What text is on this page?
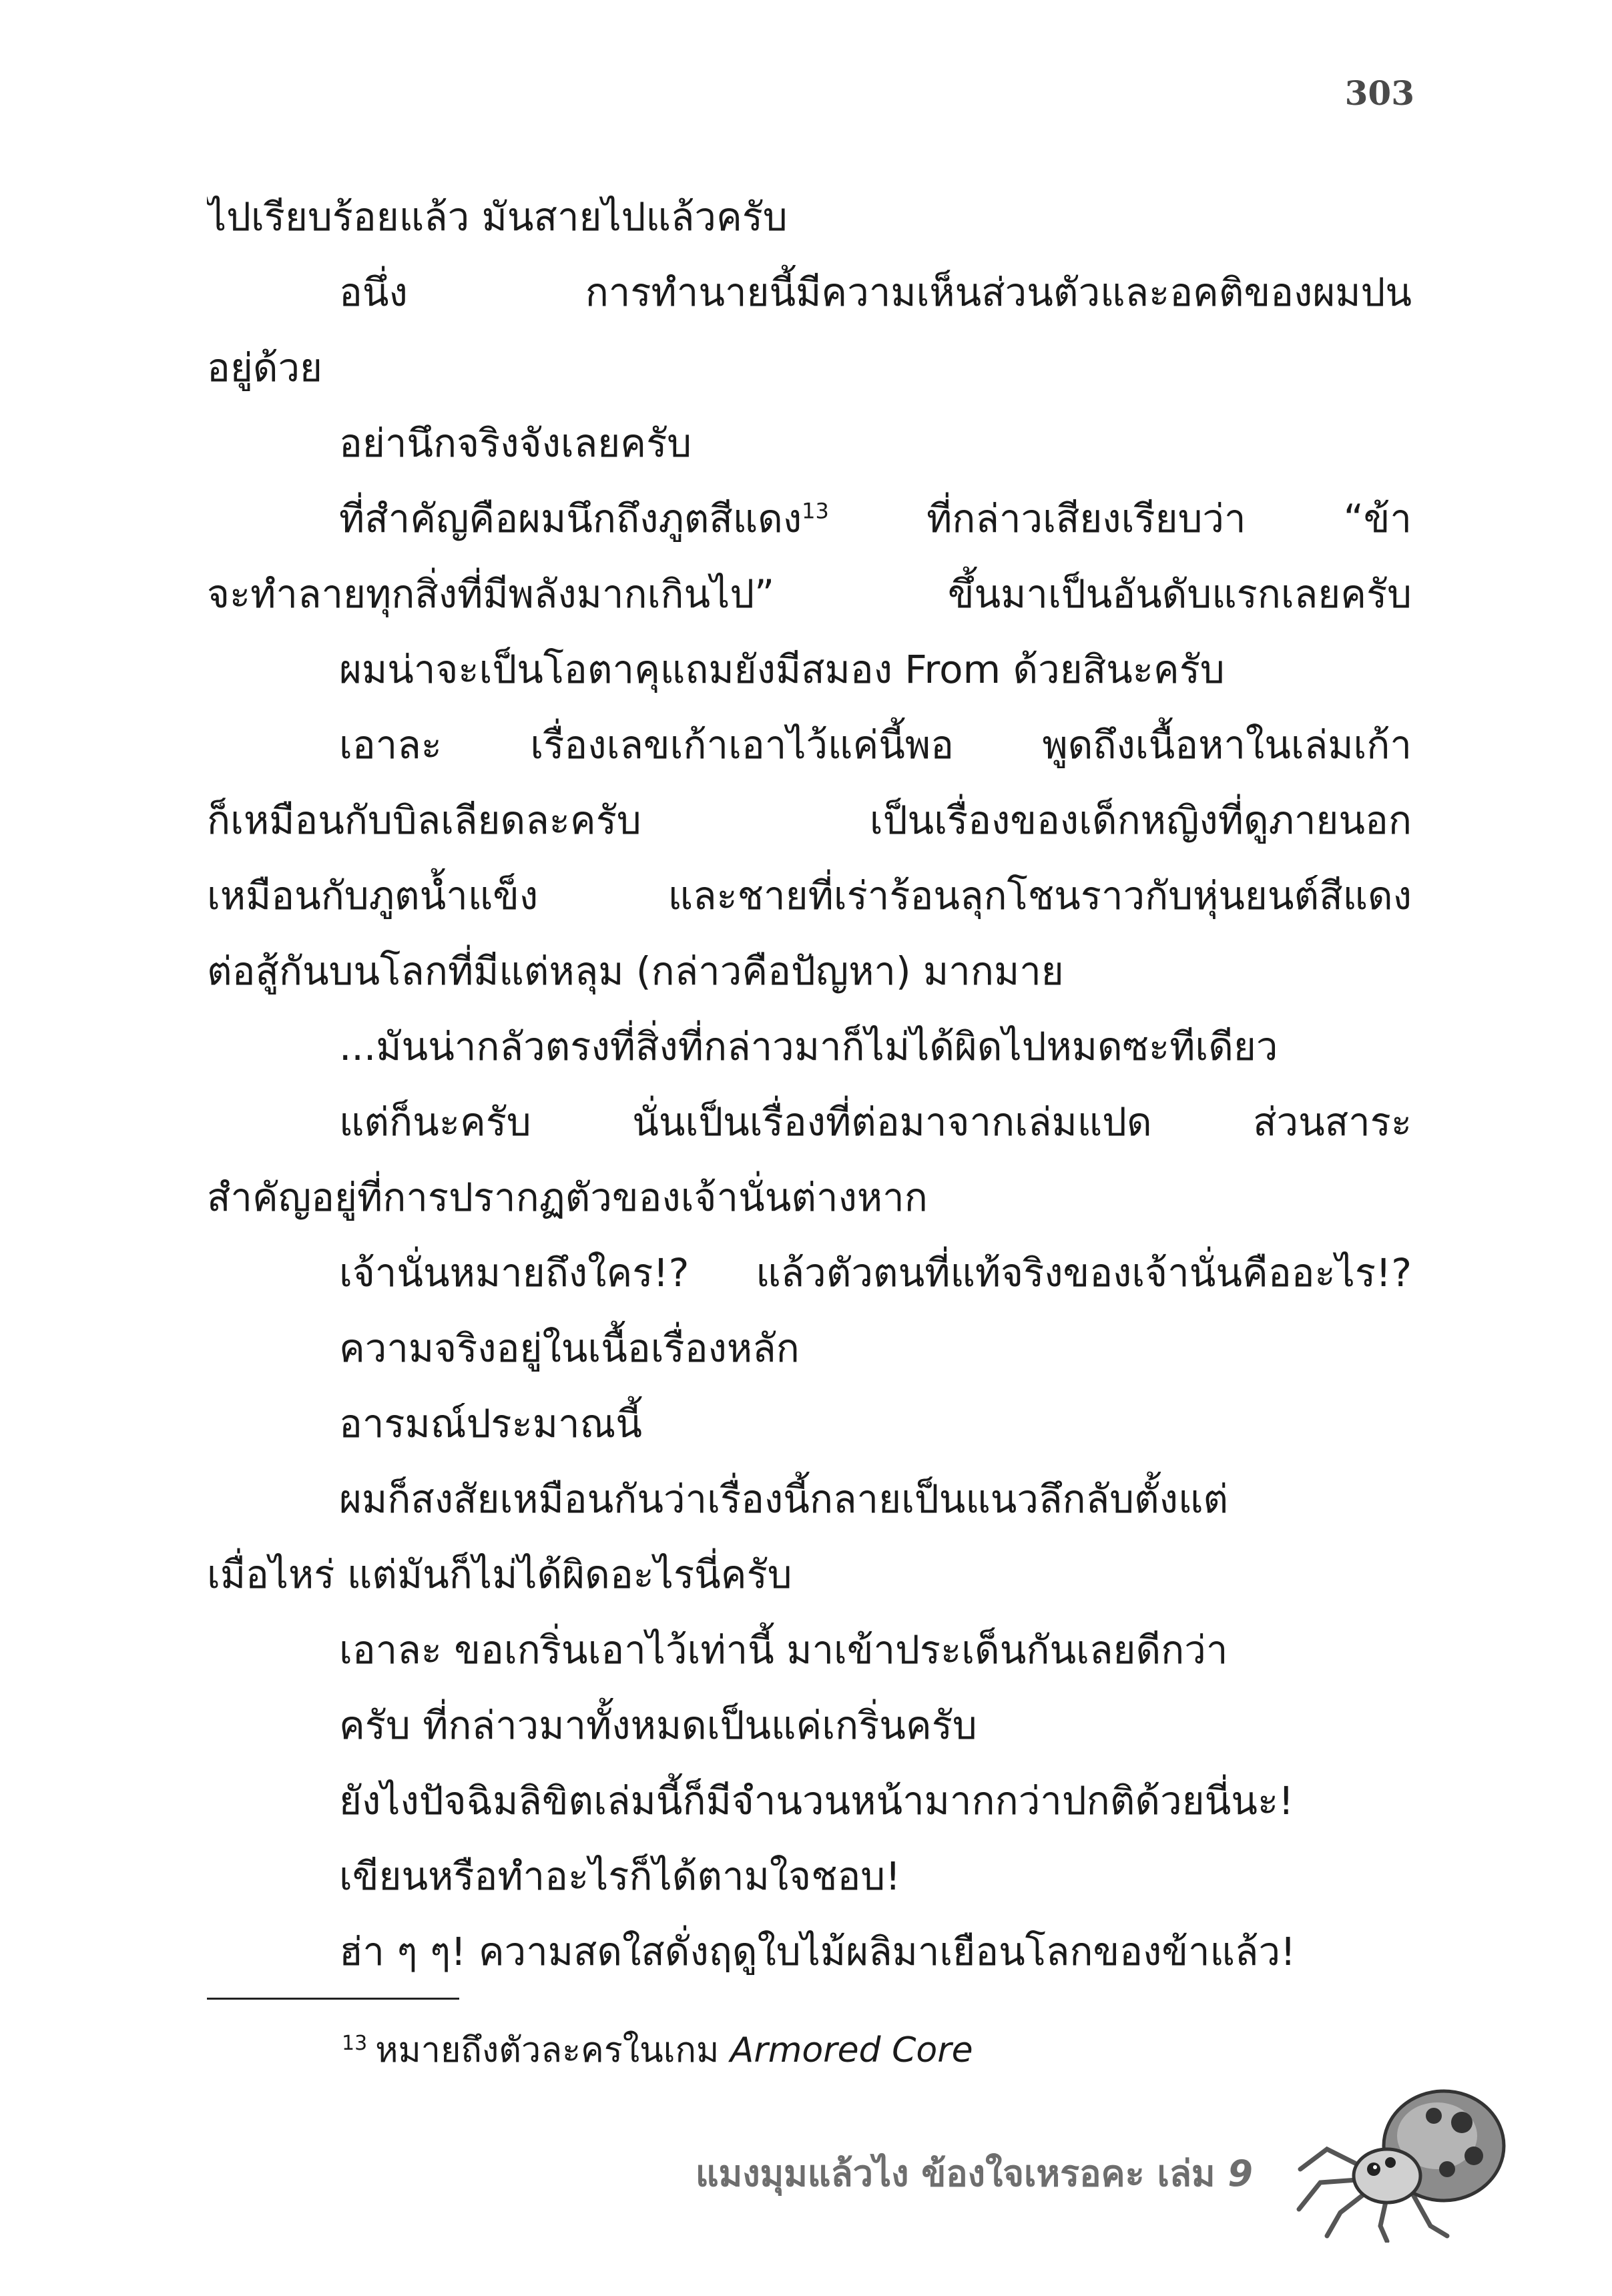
303
ไปเรียบร้อยแล้ว มันสายไปแล้วครับ
อนึ่ง การทำนายนี้มีความเห็นส่วนตัวและอคติของผมปน
อยู่ด้วย
อย่านึกจริงจังเลยครับ
ที่สำคัญคือผมนึกถึงภูตสีแดง$^{13}$	ที่กล่าวเสียงเรียบว่า “ข้า
จะทำลายทุกสิ่งที่มีพลังมากเกินไป” ขึ้นมาเป็นอันดับแรกเลยครับ
ผมน่าจะเป็นโอตาคุแถมยังมีสมอง From ด้วยสินะครับ
เอาละ เรื่องเลขเก้าเอาไว้แค่นี้พอ พูดถึงเนื้อหาในเล่มเก้า
ก็เหมือนกับบิลเลียดละครับ เป็นเรื่องของเด็กหญิงที่ดูภายนอก
เหมือนกับภูตน้ำแข็ง และชายที่เร่าร้อนลุกโชนราวกับหุ่นยนต์สีแดง
ต่อสู้กันบนโลกที่มีแต่หลุม (กล่าวคือปัญหา) มากมาย
...มันน่ากลัวตรงที่สิ่งที่กล่าวมาก็ไม่ได้ผิดไปหมดซะทีเดียว
แต่ก็นะครับ นั่นเป็นเรื่องที่ต่อมาจากเล่มแปด ส่วนสาระ
สำคัญอยู่ที่การปรากฏตัวของเจ้านั่นต่างหาก
เจ้านั่นหมายถึงใคร!? แล้วตัวตนที่แท้จริงของเจ้านั่นคืออะไร!?
ความจริงอยู่ในเนื้อเรื่องหลัก
อารมณ์ประมาณนี้
ผมก็สงสัยเหมือนกันว่าเรื่องนี้กลายเป็นแนวลึกลับตั้งแต่
เมื่อไหร่ แต่มันก็ไม่ได้ผิดอะไรนี่ครับ
เอาละ ขอเกริ่นเอาไว้เท่านี้ มาเข้าประเด็นกันเลยดีกว่า
ครับ ที่กล่าวมาทั้งหมดเป็นแค่เกริ่นครับ
ยังไงปัจฉิมลิขิตเล่มนี้ก็มีจำนวนหน้ามากกว่าปกติด้วยนี่นะ!
เขียนหรือทำอะไรก็ได้ตามใจชอบ!
ฮ่า ๆ ๆ! ความสดใสดั่งฤดูใบไม้ผลิมาเยือนโลกของข้าแล้ว!
$^{13}$ หมายถึงตัวละครในเกม Armored Core
แมงมุมแล้วไง ข้องใจเหรอคะ เล่ม 9
